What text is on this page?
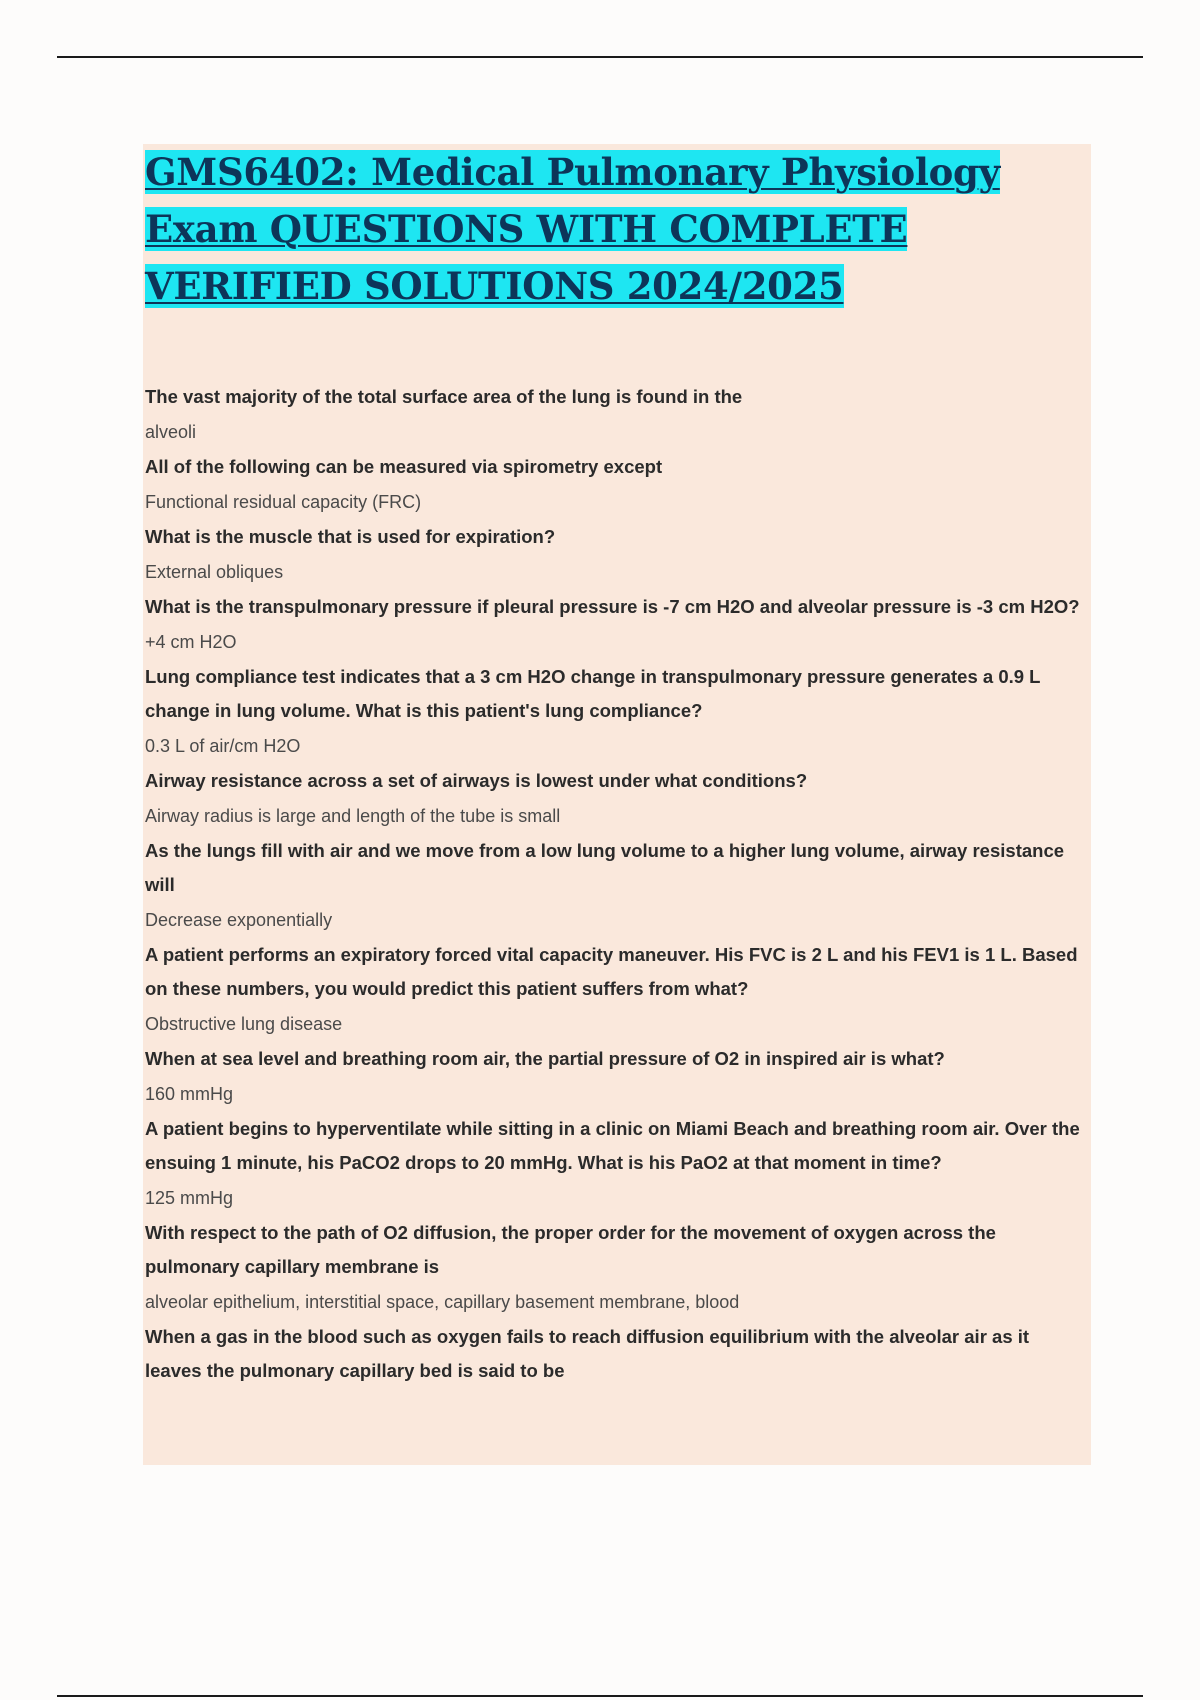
GMS6402: Medical Pulmonary Physiology
Exam QUESTIONS WITH COMPLETE
VERIFIED SOLUTIONS 2024/2025

The vast majority of the total surface area of the lung is found in the

alveoli

All of the following can be measured via spirometry except

Functional residual capacity (FRC)

What is the muscle that is used for expiration?

External obliques

What is the transpulmonary pressure if pleural pressure is -7 cm H2O and alveolar pressure is -3 cm H2O?

+4 cm H2O

Lung compliance test indicates that a 3 cm H2O change in transpulmonary pressure generates a 0.9 L change in lung volume. What is this patient's lung compliance?

0.3 L of air/cm H2O

Airway resistance across a set of airways is lowest under what conditions?

Airway radius is large and length of the tube is small

As the lungs fill with air and we move from a low lung volume to a higher lung volume, airway resistance will

Decrease exponentially

A patient performs an expiratory forced vital capacity maneuver. His FVC is 2 L and his FEV1 is 1 L. Based on these numbers, you would predict this patient suffers from what?

Obstructive lung disease

When at sea level and breathing room air, the partial pressure of O2 in inspired air is what?

160 mmHg

A patient begins to hyperventilate while sitting in a clinic on Miami Beach and breathing room air. Over the ensuing 1 minute, his PaCO2 drops to 20 mmHg. What is his PaO2 at that moment in time?

125 mmHg

With respect to the path of O2 diffusion, the proper order for the movement of oxygen across the pulmonary capillary membrane is

alveolar epithelium, interstitial space, capillary basement membrane, blood

When a gas in the blood such as oxygen fails to reach diffusion equilibrium with the alveolar air as it leaves the pulmonary capillary bed is said to be
